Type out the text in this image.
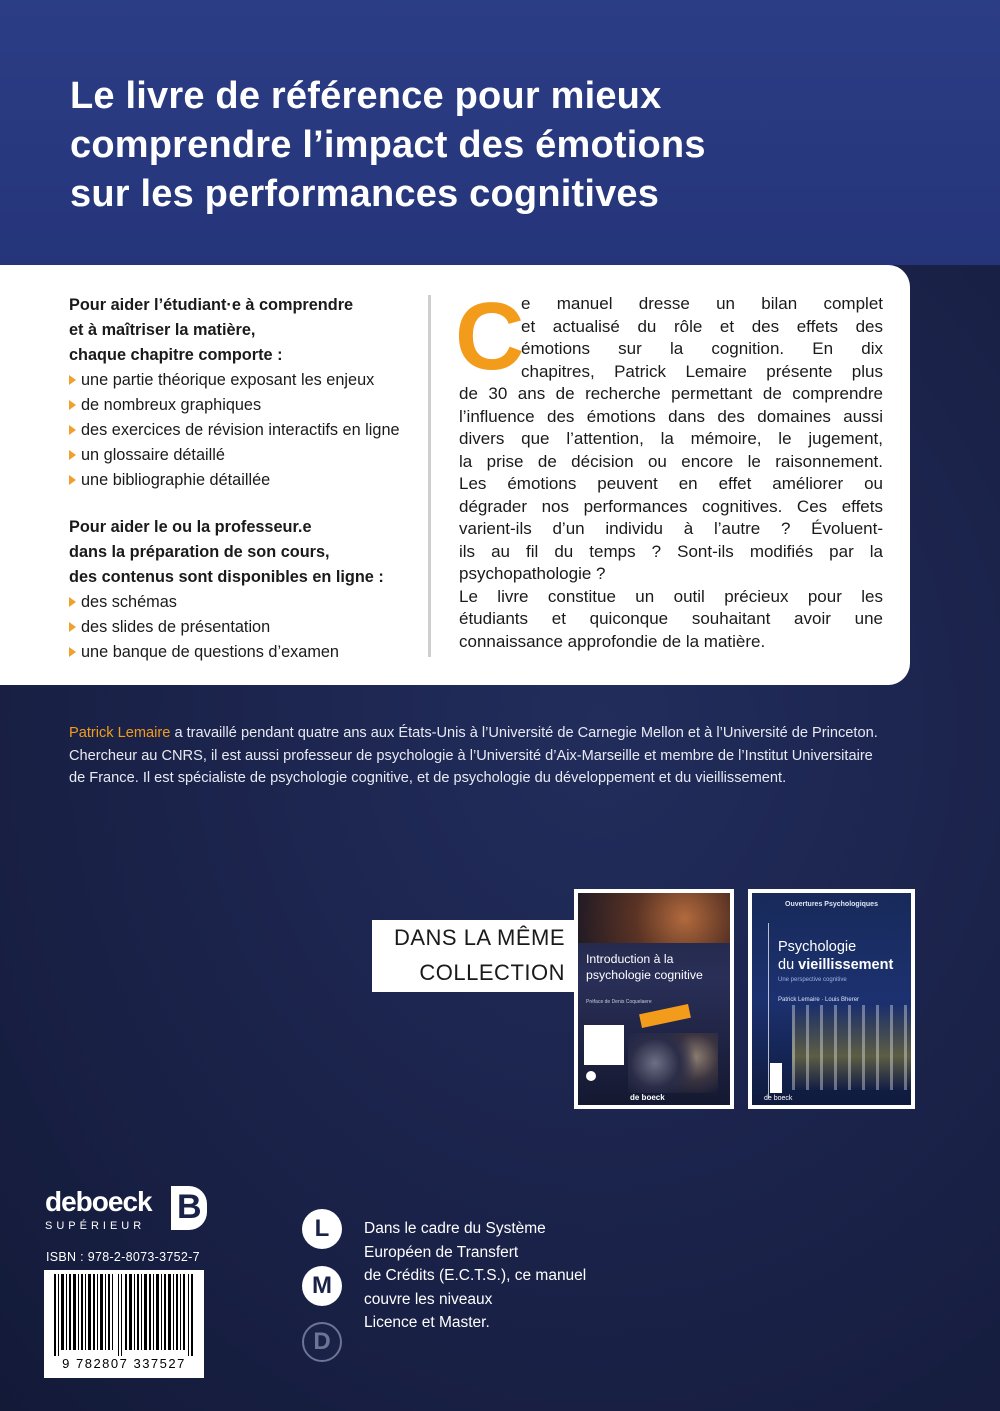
Le livre de référence pour mieux
comprendre l’impact des émotions
sur les performances cognitives
Pour aider l’étudiant·e à comprendre
et à maîtriser la matière,
chaque chapitre comporte :
une partie théorique exposant les enjeux
de nombreux graphiques
des exercices de révision interactifs en ligne
un glossaire détaillé
une bibliographie détaillée
Pour aider le ou la professeur.e
dans la préparation de son cours,
des contenus sont disponibles en ligne :
des schémas
des slides de présentation
une banque de questions d’examen
C
e manuel dresse un bilan complet
et actualisé du rôle et des effets des
émotions sur la cognition. En dix
chapitres, Patrick Lemaire présente plus
de 30 ans de recherche permettant de comprendre
l’influence des émotions dans des domaines aussi
divers que l’attention, la mémoire, le jugement,
la prise de décision ou encore le raisonnement.
Les émotions peuvent en effet améliorer ou
dégrader nos performances cognitives. Ces effets
varient-ils d’un individu à l’autre ? Évoluent-
ils au fil du temps ? Sont-ils modifiés par la
psychopathologie ?
Le livre constitue un outil précieux pour les
étudiants et quiconque souhaitant avoir une
connaissance approfondie de la matière.
Patrick Lemaire a travaillé pendant quatre ans aux États-Unis à l’Université de Carnegie Mellon et à l’Université de Princeton.
Chercheur au CNRS, il est aussi professeur de psychologie à l’Université d’Aix-Marseille et membre de l’Institut Universitaire
de France. Il est spécialiste de psychologie cognitive, et de psychologie du développement et du vieillissement.
DANS LA MÊME
COLLECTION
Introduction à la
psychologie cognitive
Préface de Denis Coquelaere
de boeck
Ouvertures Psychologiques
Psychologie
du vieillissement
Une perspective cognitive
Patrick Lemaire · Louis Bherer
de boeck
deboeck
SUPÉRIEUR B
ISBN : 978-2-8073-3752-7
9 782807 337527
L
M
D
Dans le cadre du Système
Européen de Transfert
de Crédits (E.C.T.S.), ce manuel
couvre les niveaux
Licence et Master.
